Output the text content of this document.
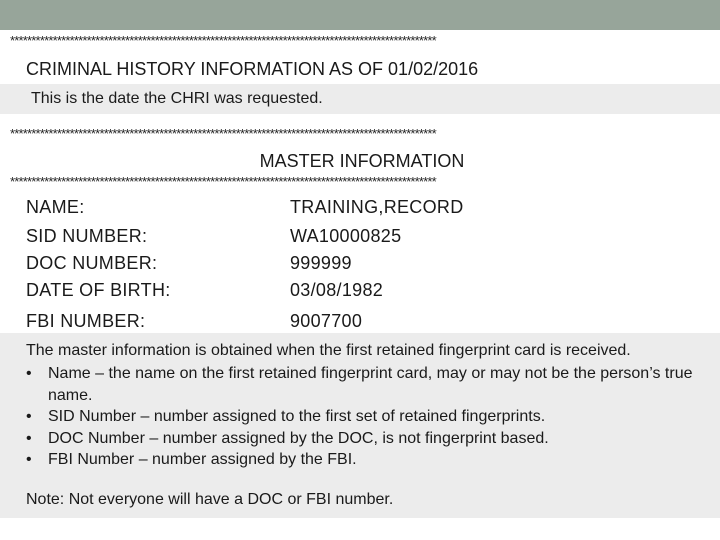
****************************************************************************************************
CRIMINAL HISTORY INFORMATION AS OF 01/02/2016
This is the date the CHRI was requested.
****************************************************************************************************
MASTER INFORMATION
****************************************************************************************************
NAME:	TRAINING,RECORD
SID NUMBER:	WA10000825
DOC NUMBER:	999999
DATE OF BIRTH:	03/08/1982
FBI NUMBER:	9007700
The master information is obtained when the first retained fingerprint card is received.
• Name – the name on the first retained fingerprint card, may or may not be the person’s true name.
• SID Number – number assigned to the first set of retained fingerprints.
• DOC Number – number assigned by the DOC, is not fingerprint based.
• FBI Number – number assigned by the FBI.
Note: Not everyone will have a DOC or FBI number.
